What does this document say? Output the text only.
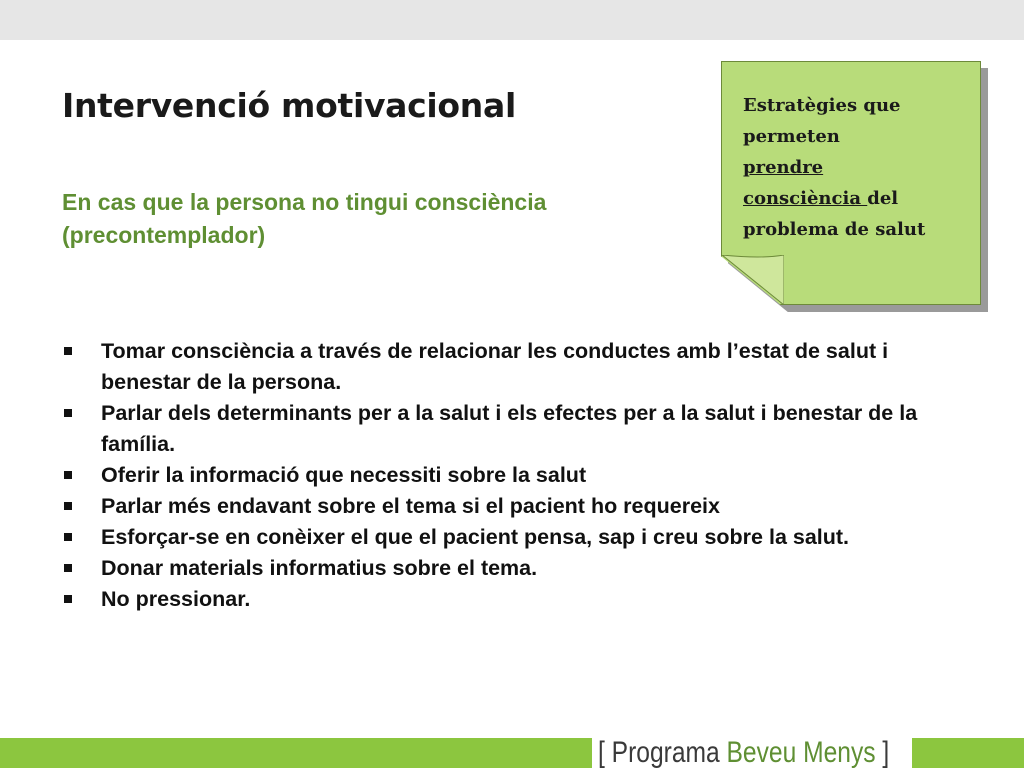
Intervenció motivacional

En cas que la persona no tingui consciència (precontemplador)

Estratègies que
permeten
prendre
consciència del
problema de salut

Tomar consciència a través de relacionar les conductes amb l’estat de salut i benestar de la persona.
Parlar dels determinants per a la salut i els efectes per a la salut i benestar de la família.
Oferir la informació que necessiti sobre la salut
Parlar més endavant sobre el tema si el pacient ho requereix
Esforçar-se en conèixer el que el pacient pensa, sap i creu sobre la salut.
Donar materials informatius sobre el tema.
No pressionar.
[ Programa Beveu Menys ]
